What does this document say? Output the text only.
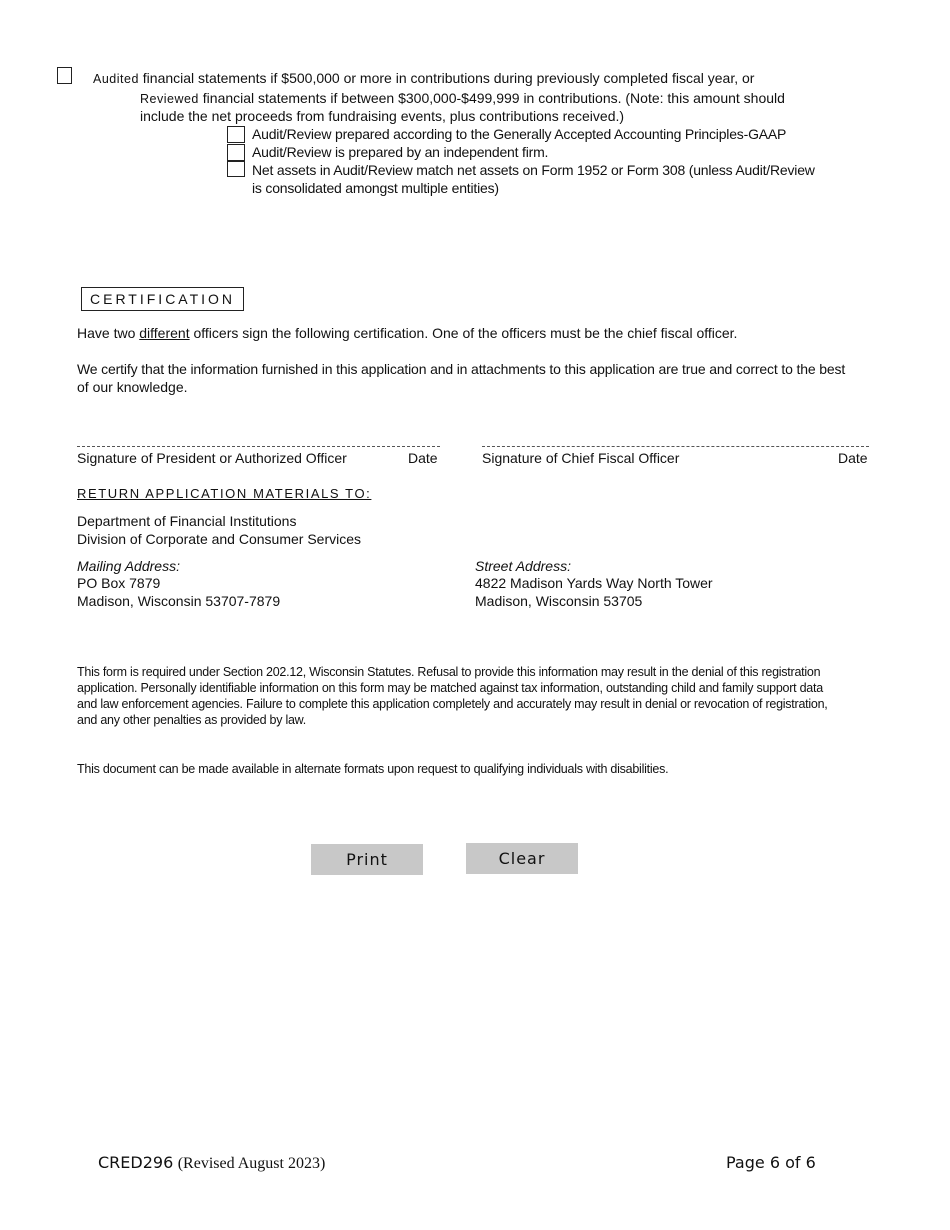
Audited financial statements if $500,000 or more in contributions during previously completed fiscal year, or
Reviewed financial statements if between $300,000-$499,999 in contributions. (Note: this amount should
include the net proceeds from fundraising events, plus contributions received.)
Audit/Review prepared according to the Generally Accepted Accounting Principles-GAAP
Audit/Review is prepared by an independent firm.
Net assets in Audit/Review match net assets on Form 1952 or Form 308 (unless Audit/Review
is consolidated amongst multiple entities)
CERTIFICATION
Have two different officers sign the following certification. One of the officers must be the chief fiscal officer.
We certify that the information furnished in this application and in attachments to this application are true and correct to the best
of our knowledge.
Signature of President or Authorized Officer	Date	Signature of Chief Fiscal Officer	Date
RETURN APPLICATION MATERIALS TO:
Department of Financial Institutions
Division of Corporate and Consumer Services
Mailing Address:
PO Box 7879
Madison, Wisconsin 53707-7879
Street Address:
4822 Madison Yards Way North Tower
Madison, Wisconsin 53705
This form is required under Section 202.12, Wisconsin Statutes. Refusal to provide this information may result in the denial of this registration
application. Personally identifiable information on this form may be matched against tax information, outstanding child and family support data
and law enforcement agencies. Failure to complete this application completely and accurately may result in denial or revocation of registration,
and any other penalties as provided by law.
This document can be made available in alternate formats upon request to qualifying individuals with disabilities.
Print	Clear
CRED296 (Revised August 2023)	Page 6 of 6
